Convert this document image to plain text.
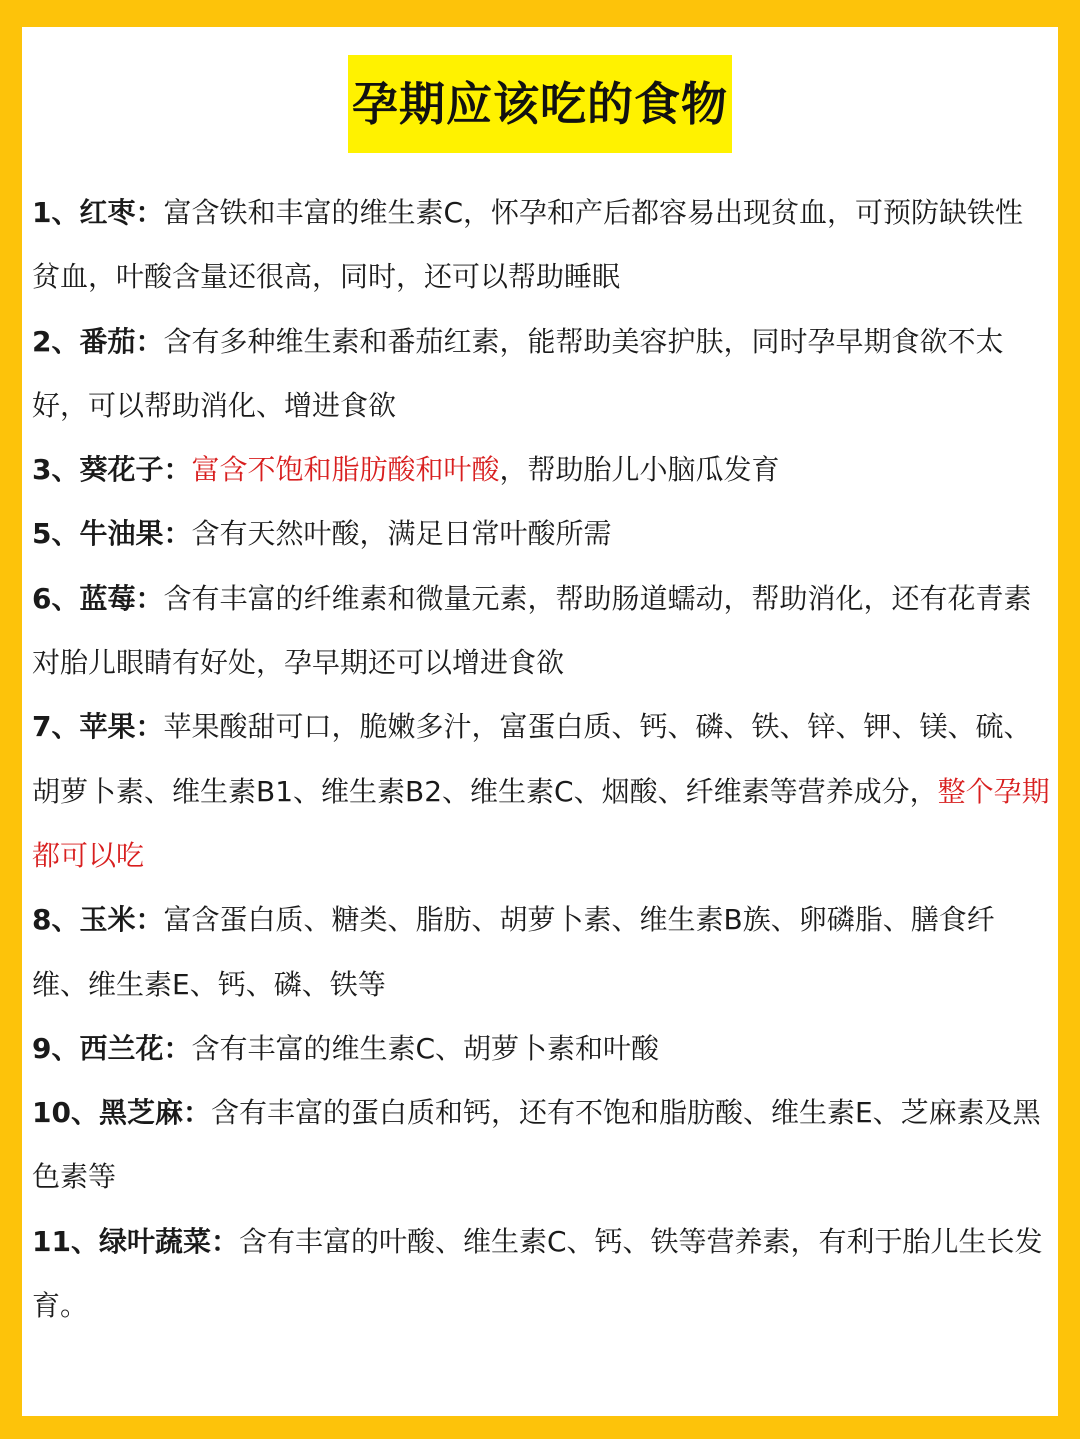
孕期应该吃的食物

1、红枣：富含铁和丰富的维生素C，怀孕和产后都容易出现贫血，可预防缺铁性贫血，叶酸含量还很高，同时，还可以帮助睡眠

2、番茄：含有多种维生素和番茄红素，能帮助美容护肤，同时孕早期食欲不太好，可以帮助消化、增进食欲

3、葵花子：富含不饱和脂肪酸和叶酸，帮助胎儿小脑瓜发育

5、牛油果：含有天然叶酸，满足日常叶酸所需

6、蓝莓：含有丰富的纤维素和微量元素，帮助肠道蠕动，帮助消化，还有花青素对胎儿眼睛有好处，孕早期还可以增进食欲

7、苹果：苹果酸甜可口，脆嫩多汁，富蛋白质、钙、磷、铁、锌、钾、镁、硫、胡萝卜素、维生素B1、维生素B2、维生素C、烟酸、纤维素等营养成分，整个孕期都可以吃

8、玉米：富含蛋白质、糖类、脂肪、胡萝卜素、维生素B族、卵磷脂、膳食纤维、维生素E、钙、磷、铁等

9、西兰花：含有丰富的维生素C、胡萝卜素和叶酸

10、黑芝麻：含有丰富的蛋白质和钙，还有不饱和脂肪酸、维生素E、芝麻素及黑色素等

11、绿叶蔬菜：含有丰富的叶酸、维生素C、钙、铁等营养素，有利于胎儿生长发育。
